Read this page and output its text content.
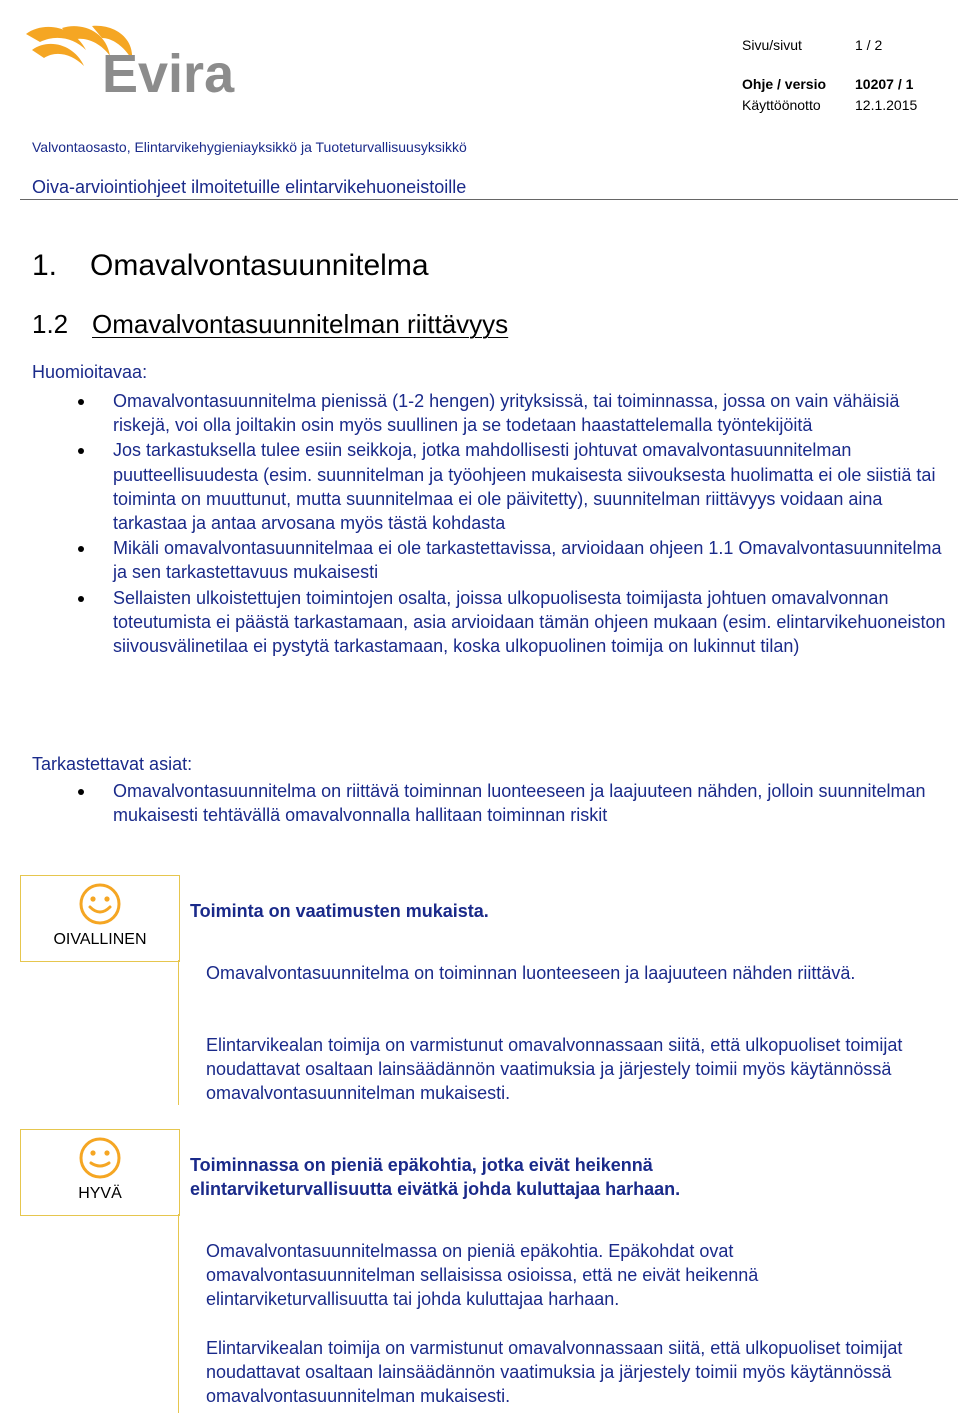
Evira	Sivu/sivut	1 / 2
Ohje / versio 10207 / 1
Käyttöönotto 12.1.2015
Valvontaosasto, Elintarvikehygieniayksikkö ja Tuoteturvallisuusyksikkö
Oiva-arviointiohjeet ilmoitetuille elintarvikehuoneistoille
1. Omavalvontasuunnitelma
1.2 Omavalvontasuunnitelman riittävyys
Huomioitavaa:
Omavalvontasuunnitelma pienissä (1-2 hengen) yrityksissä, tai toiminnassa, jossa on vain vähäisiä riskejä, voi olla joiltakin osin myös suullinen ja se todetaan haastattelemalla työntekijöitä
Jos tarkastuksella tulee esiin seikkoja, jotka mahdollisesti johtuvat omavalvontasuunnitelman puutteellisuudesta (esim. suunnitelman ja työohjeen mukaisesta siivouksesta huolimatta ei ole siistiä tai toiminta on muuttunut, mutta suunnitelmaa ei ole päivitetty), suunnitelman riittävyys voidaan aina tarkastaa ja antaa arvosana myös tästä kohdasta
Mikäli omavalvontasuunnitelmaa ei ole tarkastettavissa, arvioidaan ohjeen 1.1 Omavalvontasuunnitelma ja sen tarkastettavuus mukaisesti
Sellaisten ulkoistettujen toimintojen osalta, joissa ulkopuolisesta toimijasta johtuen omavalvonnan toteutumista ei päästä tarkastamaan, asia arvioidaan tämän ohjeen mukaan (esim. elintarvikehuoneiston siivousvälinetilaa ei pystytä tarkastamaan, koska ulkopuolinen toimija on lukinnut tilan)
Tarkastettavat asiat:
Omavalvontasuunnitelma on riittävä toiminnan luonteeseen ja laajuuteen nähden, jolloin suunnitelman mukaisesti tehtävällä omavalvonnalla hallitaan toiminnan riskit
OIVALLINEN
Toiminta on vaatimusten mukaista.
Omavalvontasuunnitelma on toiminnan luonteeseen ja laajuuteen nähden riittävä.
Elintarvikealan toimija on varmistunut omavalvonnassaan siitä, että ulkopuoliset toimijat noudattavat osaltaan lainsäädännön vaatimuksia ja järjestely toimii myös käytännössä omavalvontasuunnitelman mukaisesti.
HYVÄ
Toiminnassa on pieniä epäkohtia, jotka eivät heikennä elintarviketurvallisuutta eivätkä johda kuluttajaa harhaan.
Omavalvontasuunnitelmassa on pieniä epäkohtia. Epäkohdat ovat omavalvontasuunnitelman sellaisissa osioissa, että ne eivät heikennä elintarviketurvallisuutta tai johda kuluttajaa harhaan.
Elintarvikealan toimija on varmistunut omavalvonnassaan siitä, että ulkopuoliset toimijat noudattavat osaltaan lainsäädännön vaatimuksia ja järjestely toimii myös käytännössä omavalvontasuunnitelman mukaisesti.
